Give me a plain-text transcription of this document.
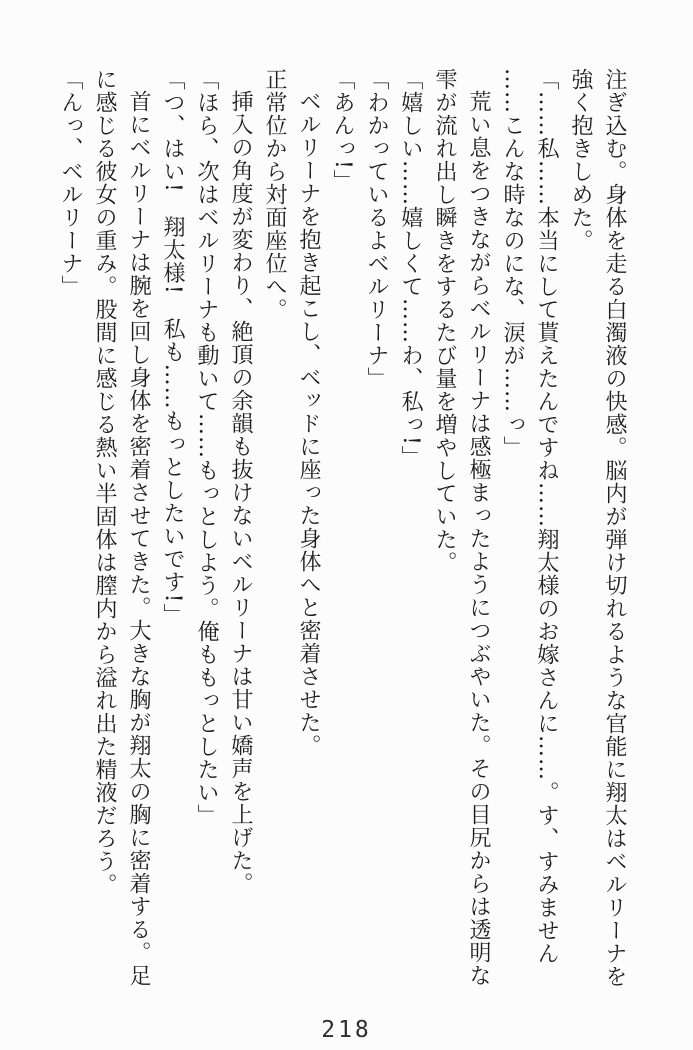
注ぎ込む。身体を走る白濁液の快感。脳内が弾け切れるような官能に翔太はベルリーナを

強く抱きしめた。

「……私……本当にして貰えたんですね……翔太様のお嫁さんに……。す、すみません

……こんな時なのにな、涙が……っ」

荒い息をつきながらベルリーナは感極まったようにつぶやいた。その目尻からは透明な

雫が流れ出し瞬きをするたび量を増やしていた。

「嬉しい……嬉しくて……わ、私っ!」

「わかっているよベルリーナ」

「あんっ!」

ベルリーナを抱き起こし、ベッドに座った身体へと密着させた。

正常位から対面座位へ。

挿入の角度が変わり、絶頂の余韻も抜けないベルリーナは甘い嬌声を上げた。

「ほら、次はベルリーナも動いて……もっとしよう。俺ももっとしたい」

「つ、はい!　翔太様!　私も……もっとしたいです!」

首にベルリーナは腕を回し身体を密着させてきた。大きな胸が翔太の胸に密着する。足

に感じる彼女の重み。股間に感じる熱い半固体は膣内から溢れ出た精液だろう。

「んっ、ベルリーナ」

218
